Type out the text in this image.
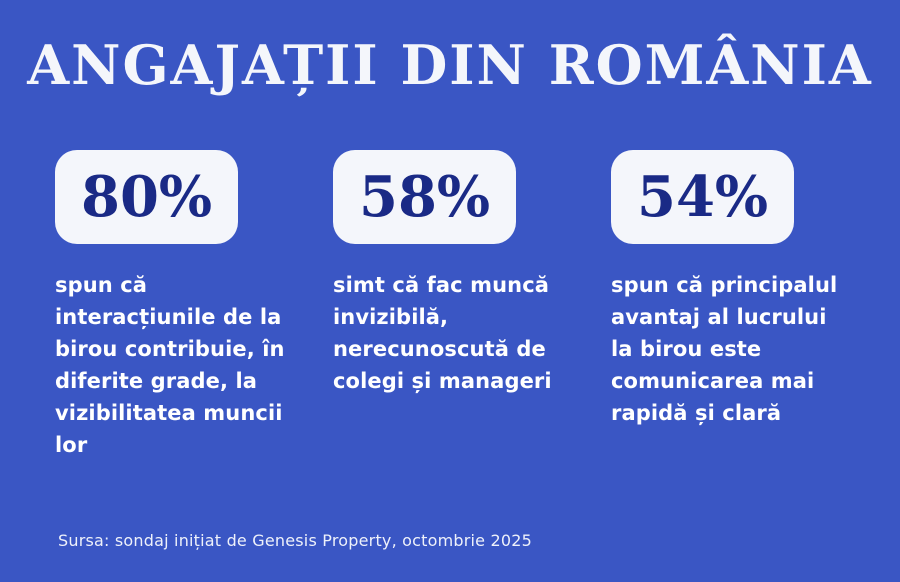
ANGAJAȚII DIN ROMÂNIA
80%
spun că interacțiunile de la birou contribuie, în diferite grade, la vizibilitatea muncii lor
58%
simt că fac muncă invizibilă, nerecunoscută de colegi și manageri
54%
spun că principalul avantaj al lucrului la birou este comunicarea mai rapidă și clară
Sursa: sondaj inițiat de Genesis Property, octombrie 2025
